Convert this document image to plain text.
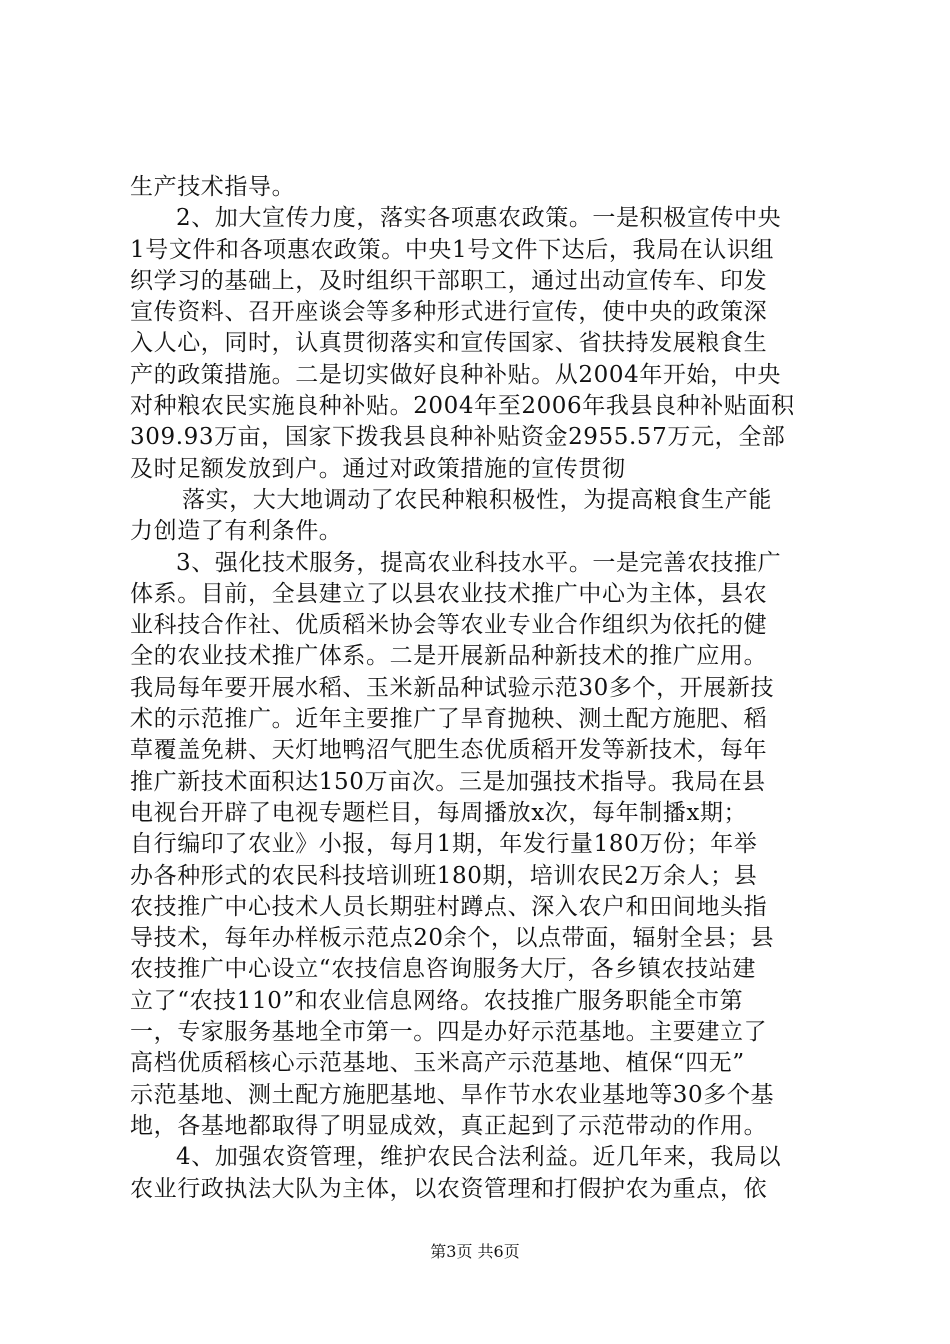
生产技术指导。
2、加大宣传力度，落实各项惠农政策。一是积极宣传中央
1号文件和各项惠农政策。中央1号文件下达后，我局在认识组
织学习的基础上，及时组织干部职工，通过出动宣传车、印发
宣传资料、召开座谈会等多种形式进行宣传，使中央的政策深
入人心，同时，认真贯彻落实和宣传国家、省扶持发展粮食生
产的政策措施。二是切实做好良种补贴。从2004年开始，中央
对种粮农民实施良种补贴。2004年至2006年我县良种补贴面积
309.93万亩，国家下拨我县良种补贴资金2955.57万元，全部
及时足额发放到户。通过对政策措施的宣传贯彻
落实，大大地调动了农民种粮积极性，为提高粮食生产能
力创造了有利条件。
3、强化技术服务，提高农业科技水平。一是完善农技推广
体系。目前，全县建立了以县农业技术推广中心为主体，县农
业科技合作社、优质稻米协会等农业专业合作组织为依托的健
全的农业技术推广体系。二是开展新品种新技术的推广应用。
我局每年要开展水稻、玉米新品种试验示范30多个，开展新技
术的示范推广。近年主要推广了旱育抛秧、测土配方施肥、稻
草覆盖免耕、天灯地鸭沼气肥生态优质稻开发等新技术，每年
推广新技术面积达150万亩次。三是加强技术指导。我局在县
电视台开辟了电视专题栏目，每周播放x次，每年制播x期；
自行编印了农业》小报，每月1期，年发行量180万份；年举
办各种形式的农民科技培训班180期，培训农民2万余人；县
农技推广中心技术人员长期驻村蹲点、深入农户和田间地头指
导技术，每年办样板示范点20余个，以点带面，辐射全县；县
农技推广中心设立“农技信息咨询服务大厅，各乡镇农技站建
立了“农技110”和农业信息网络。农技推广服务职能全市第
一，专家服务基地全市第一。四是办好示范基地。主要建立了
高档优质稻核心示范基地、玉米高产示范基地、植保“四无”
示范基地、测土配方施肥基地、旱作节水农业基地等30多个基
地，各基地都取得了明显成效，真正起到了示范带动的作用。
4、加强农资管理，维护农民合法利益。近几年来，我局以
农业行政执法大队为主体，以农资管理和打假护农为重点，依
第3页 共6页
